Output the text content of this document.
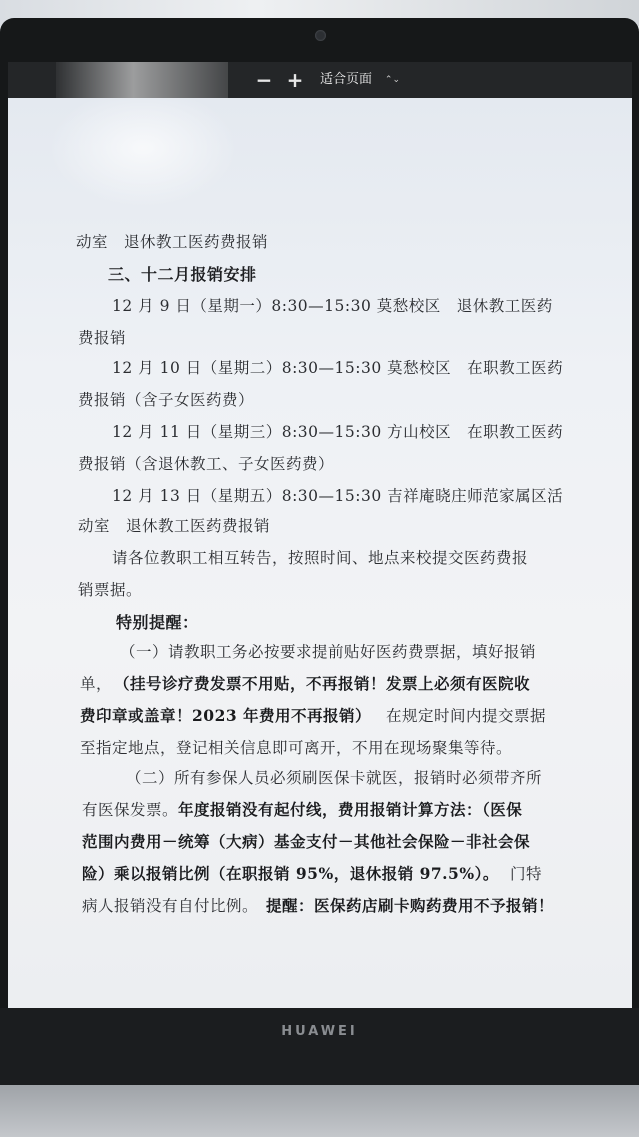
− +	适合页面 ⌃⌄
动室　退休教工医药费报销
三、十二月报销安排
12 月 9 日（星期一）8:30—15:30 莫愁校区　退休教工医药
费报销
12 月 10 日（星期二）8:30—15:30 莫愁校区　在职教工医药
费报销（含子女医药费）
12 月 11 日（星期三）8:30—15:30 方山校区　在职教工医药
费报销（含退休教工、子女医药费）
12 月 13 日（星期五）8:30—15:30 吉祥庵晓庄师范家属区活
动室　退休教工医药费报销
请各位教职工相互转告，按照时间、地点来校提交医药费报
销票据。
特别提醒：
（一）请教职工务必按要求提前贴好医药费票据，填好报销
单， （挂号诊疗费发票不用贴，不再报销！发票上必须有医院收
费印章或盖章！2023 年费用不再报销） 在规定时间内提交票据
至指定地点，登记相关信息即可离开，不用在现场聚集等待。
（二）所有参保人员必须刷医保卡就医，报销时必须带齐所
有医保发票。 年度报销没有起付线，费用报销计算方法：（医保
范围内费用－统筹（大病）基金支付－其他社会保险－非社会保
险）乘以报销比例（在职报销 95%，退休报销 97.5%）。 门特
病人报销没有自付比例。 提醒：医保药店刷卡购药费用不予报销！
HUAWEI
